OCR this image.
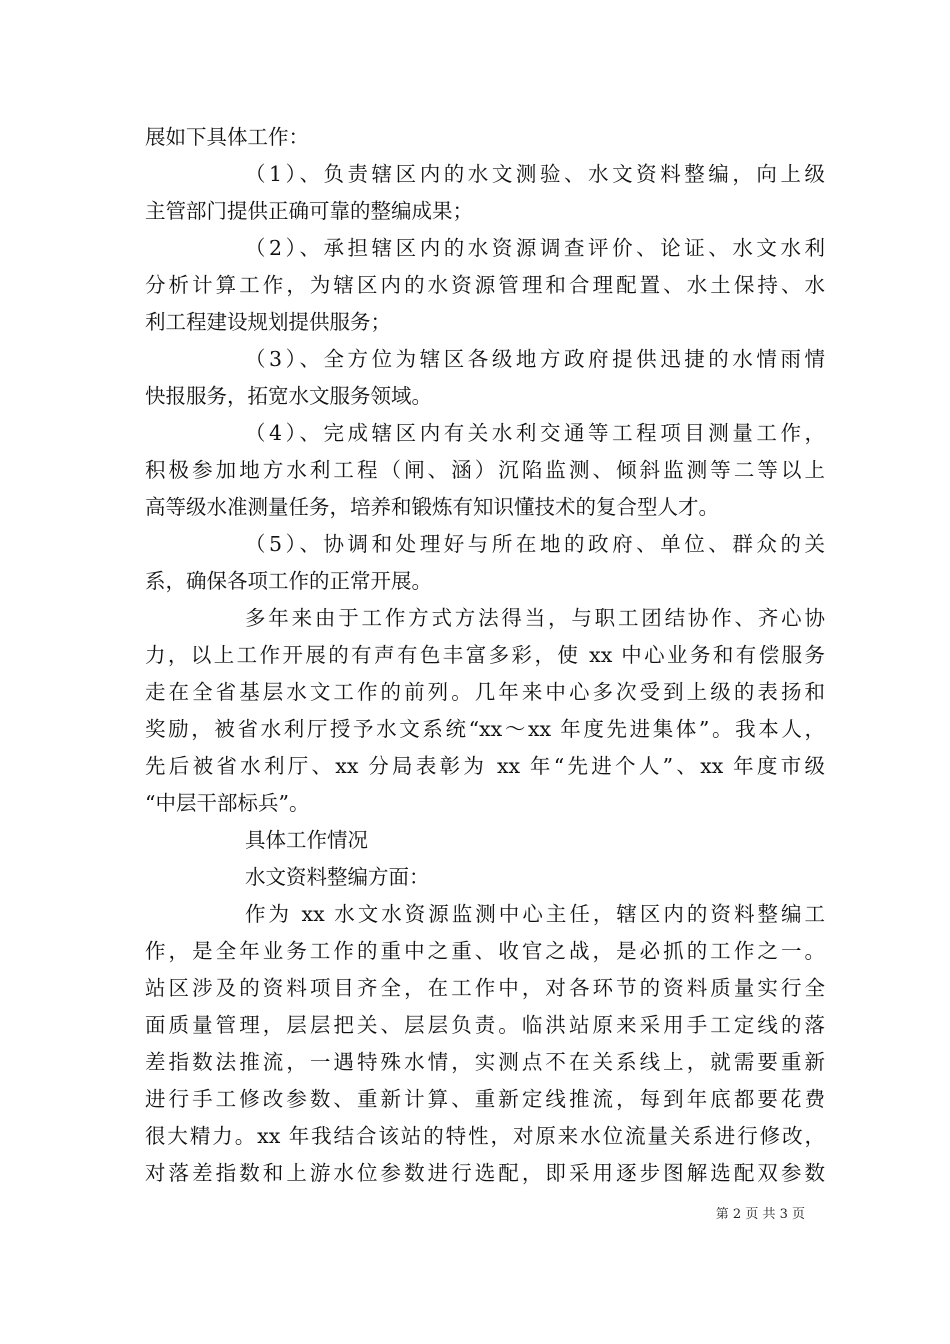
展如下具体工作：

（1）、负责辖区内的水文测验、水文资料整编，向上级

主管部门提供正确可靠的整编成果；

（2）、承担辖区内的水资源调查评价、论证、水文水利

分析计算工作，为辖区内的水资源管理和合理配置、水土保持、水

利工程建设规划提供服务；

（3）、全方位为辖区各级地方政府提供迅捷的水情雨情

快报服务，拓宽水文服务领域。

（4）、完成辖区内有关水利交通等工程项目测量工作，

积极参加地方水利工程（闸、涵）沉陷监测、倾斜监测等二等以上

高等级水准测量任务，培养和锻炼有知识懂技术的复合型人才。

（5）、协调和处理好与所在地的政府、单位、群众的关

系，确保各项工作的正常开展。

多年来由于工作方式方法得当，与职工团结协作、齐心协

力，以上工作开展的有声有色丰富多彩，使 xx 中心业务和有偿服务

走在全省基层水文工作的前列。几年来中心多次受到上级的表扬和

奖励，被省水利厅授予水文系统“xx～xx 年度先进集体”。我本人，

先后被省水利厅、xx 分局表彰为 xx 年“先进个人”、xx 年度市级

“中层干部标兵”。

具体工作情况

水文资料整编方面：

作为 xx 水文水资源监测中心主任，辖区内的资料整编工

作，是全年业务工作的重中之重、收官之战，是必抓的工作之一。

站区涉及的资料项目齐全，在工作中，对各环节的资料质量实行全

面质量管理，层层把关、层层负责。临洪站原来采用手工定线的落

差指数法推流，一遇特殊水情，实测点不在关系线上，就需要重新

进行手工修改参数、重新计算、重新定线推流，每到年底都要花费

很大精力。xx 年我结合该站的特性，对原来水位流量关系进行修改，

对落差指数和上游水位参数进行选配，即采用逐步图解选配双参数

第 2 页 共 3 页
